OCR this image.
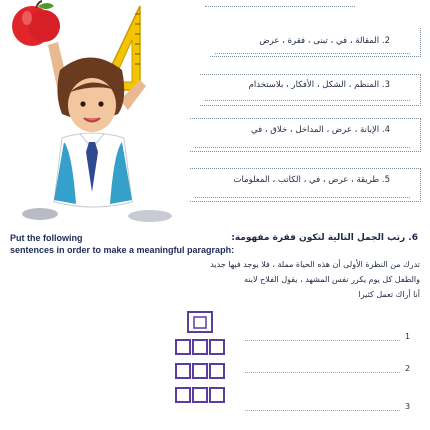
2. المقالة ، في ، تبنى ، فقرة ، عرض
3. المنظم ، الشكل ، الأفكار ، بلاستخدام
4. الإبانة ، عرض ، المداخل ، خلاق ، في
5. طريقة ، عرض ، في ، الكاتب ، المعلومات
Put the following
sentences in order to make a meaningful paragraph:
6. رتب الجمل التالية لتكون فقرة مفهومة:
تدرك من النظرة الأولى أن هذه الحياة مملة ، فلا يوجد فيها جديد
والطفل كل يوم يكرر نفس المشهد ، يقول الفلاح لابنه
أنا أراك تعمل كثيرا
1
2
3
